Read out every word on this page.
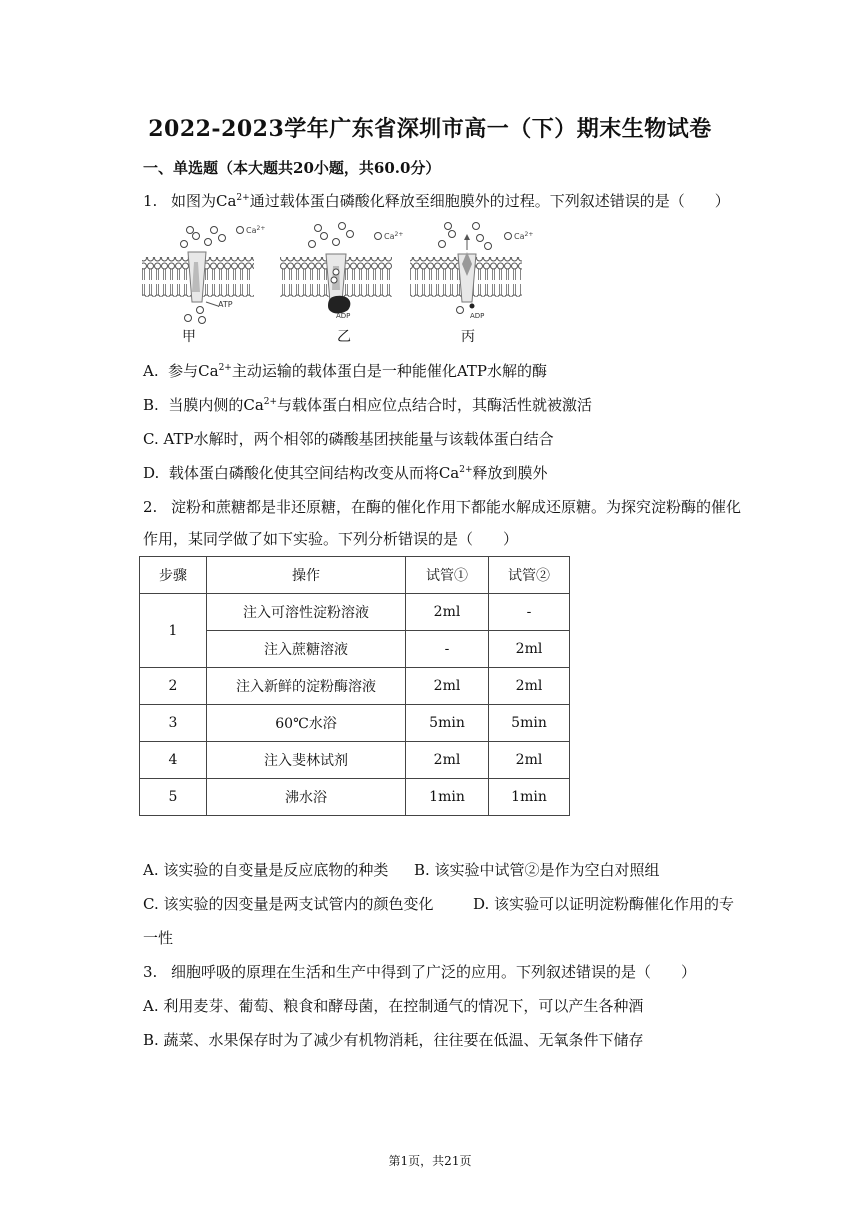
2022-2023学年广东省深圳市高一（下）期末生物试卷
一、单选题（本大题共20小题，共60.0分）
1. 如图为$Ca^{2+}$通过载体蛋白磷酸化释放至细胞膜外的过程。下列叙述错误的是（　　）
ATP
ADP	ADP
$Ca^{2+}$
$Ca^{2+}$	$Ca^{2+}$
甲	乙	丙
A. 参与$Ca^{2+}$主动运输的载体蛋白是一种能催化ATP水解的酶
B. 当膜内侧的$Ca^{2+}$与载体蛋白相应位点结合时，其酶活性就被激活
C. ATP水解时，两个相邻的磷酸基团挟能量与该载体蛋白结合
D. 载体蛋白磷酸化使其空间结构改变从而将$Ca^{2+}$释放到膜外
2. 淀粉和蔗糖都是非还原糖，在酶的催化作用下都能水解成还原糖。为探究淀粉酶的催化
作用，某同学做了如下实验。下列分析错误的是（　　）
步骤	操作	试管①	试管②
1	注入可溶性淀粉溶液	2ml	-
	注入蔗糖溶液	-	2ml
2	注入新鲜的淀粉酶溶液	2ml	2ml
3	60℃水浴	5min	5min
4	注入斐林试剂	2ml	2ml
5	沸水浴	1min	1min
A. 该实验的自变量是反应底物的种类 B. 该实验中试管②是作为空白对照组
C. 该实验的因变量是两支试管内的颜色变化	D. 该实验可以证明淀粉酶催化作用的专
一性
3. 细胞呼吸的原理在生活和生产中得到了广泛的应用。下列叙述错误的是（　　）
A. 利用麦芽、葡萄、粮食和酵母菌，在控制通气的情况下，可以产生各种酒
B. 蔬菜、水果保存时为了减少有机物消耗，往往要在低温、无氧条件下储存
第1页，共21页
